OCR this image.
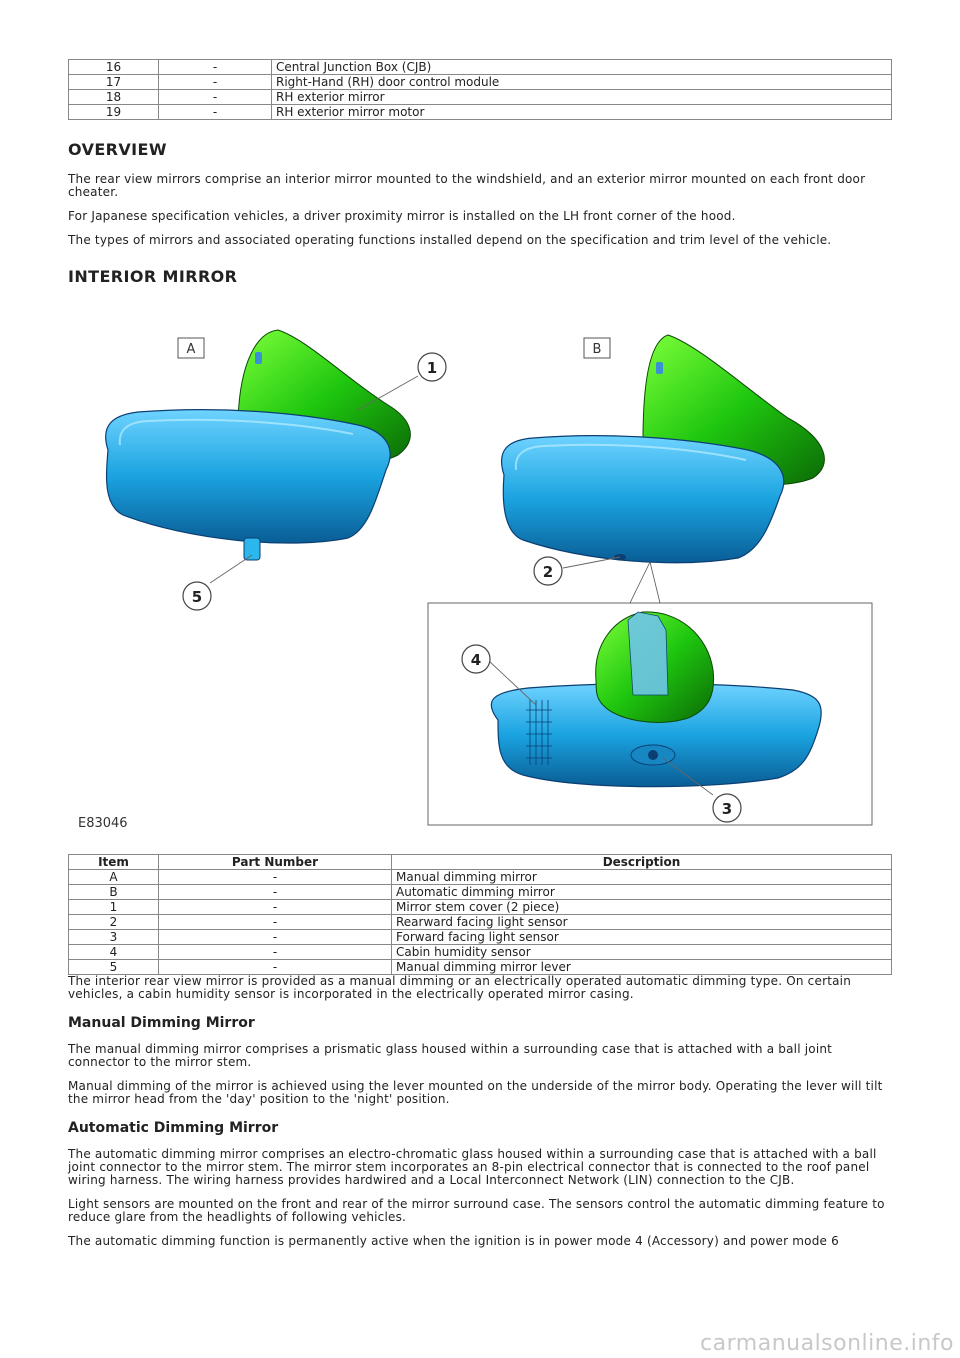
16	-	Central Junction Box (CJB)
17	-	Right-Hand (RH) door control module
18	-	RH exterior mirror
19	-	RH exterior mirror motor
OVERVIEW

The rear view mirrors comprise an interior mirror mounted to the windshield, and an exterior mirror mounted on each front door cheater.

For Japanese specification vehicles, a driver proximity mirror is installed on the LH front corner of the hood.

The types of mirrors and associated operating functions installed depend on the specification and trim level of the vehicle.

INTERIOR MIRROR
A	B
1
2
3
4
5
E83046
Item	Part Number	Description
A	-	Manual dimming mirror
B	-	Automatic dimming mirror
1	-	Mirror stem cover (2 piece)
2	-	Rearward facing light sensor
3	-	Forward facing light sensor
4	-	Cabin humidity sensor
5	-	Manual dimming mirror lever

The interior rear view mirror is provided as a manual dimming or an electrically operated automatic dimming type. On certain vehicles, a cabin humidity sensor is incorporated in the electrically operated mirror casing.

Manual Dimming Mirror

The manual dimming mirror comprises a prismatic glass housed within a surrounding case that is attached with a ball joint connector to the mirror stem.

Manual dimming of the mirror is achieved using the lever mounted on the underside of the mirror body. Operating the lever will tilt the mirror head from the 'day' position to the 'night' position.

Automatic Dimming Mirror

The automatic dimming mirror comprises an electro-chromatic glass housed within a surrounding case that is attached with a ball joint connector to the mirror stem. The mirror stem incorporates an 8-pin electrical connector that is connected to the roof panel wiring harness. The wiring harness provides hardwired and a Local Interconnect Network (LIN) connection to the CJB.

Light sensors are mounted on the front and rear of the mirror surround case. The sensors control the automatic dimming feature to reduce glare from the headlights of following vehicles.

The automatic dimming function is permanently active when the ignition is in power mode 4 (Accessory) and power mode 6

carmanualsonline.info
